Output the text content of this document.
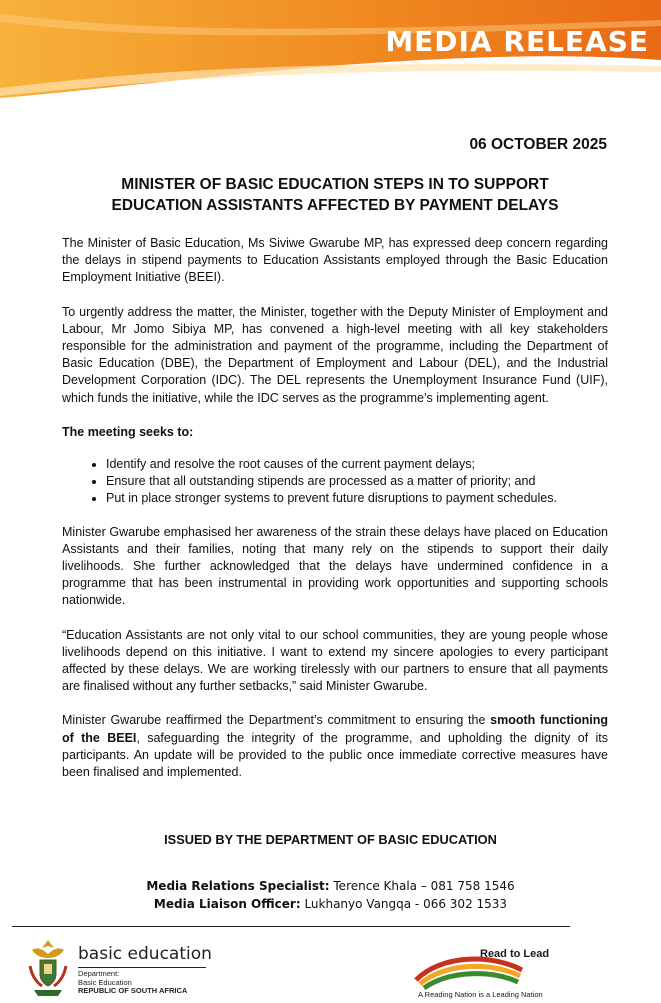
MEDIA RELEASE
06 OCTOBER 2025
MINISTER OF BASIC EDUCATION STEPS IN TO SUPPORT
EDUCATION ASSISTANTS AFFECTED BY PAYMENT DELAYS

The Minister of Basic Education, Ms Siviwe Gwarube MP, has expressed deep concern regarding the delays in stipend payments to Education Assistants employed through the Basic Education Employment Initiative (BEEI).

To urgently address the matter, the Minister, together with the Deputy Minister of Employment and Labour, Mr Jomo Sibiya MP, has convened a high-level meeting with all key stakeholders responsible for the administration and payment of the programme, including the Department of Basic Education (DBE), the Department of Employment and Labour (DEL), and the Industrial Development Corporation (IDC). The DEL represents the Unemployment Insurance Fund (UIF), which funds the initiative, while the IDC serves as the programme’s implementing agent.

The meeting seeks to:

• Identify and resolve the root causes of the current payment delays;
• Ensure that all outstanding stipends are processed as a matter of priority; and
• Put in place stronger systems to prevent future disruptions to payment schedules.

Minister Gwarube emphasised her awareness of the strain these delays have placed on Education Assistants and their families, noting that many rely on the stipends to support their daily livelihoods. She further acknowledged that the delays have undermined confidence in a programme that has been instrumental in providing work opportunities and supporting schools nationwide.

“Education Assistants are not only vital to our school communities, they are young people whose livelihoods depend on this initiative. I want to extend my sincere apologies to every participant affected by these delays. We are working tirelessly with our partners to ensure that all payments are finalised without any further setbacks,” said Minister Gwarube.

Minister Gwarube reaffirmed the Department’s commitment to ensuring the smooth functioning of the BEEI, safeguarding the integrity of the programme, and upholding the dignity of its participants. An update will be provided to the public once immediate corrective measures have been finalised and implemented.

ISSUED BY THE DEPARTMENT OF BASIC EDUCATION
Media Relations Specialist: Terence Khala – 081 758 1546
Media Liaison Officer: Lukhanyo Vangqa - 066 302 1533
basic education
Department:
Basic Education
REPUBLIC OF SOUTH AFRICA
Read to Lead
A Reading Nation is a Leading Nation
